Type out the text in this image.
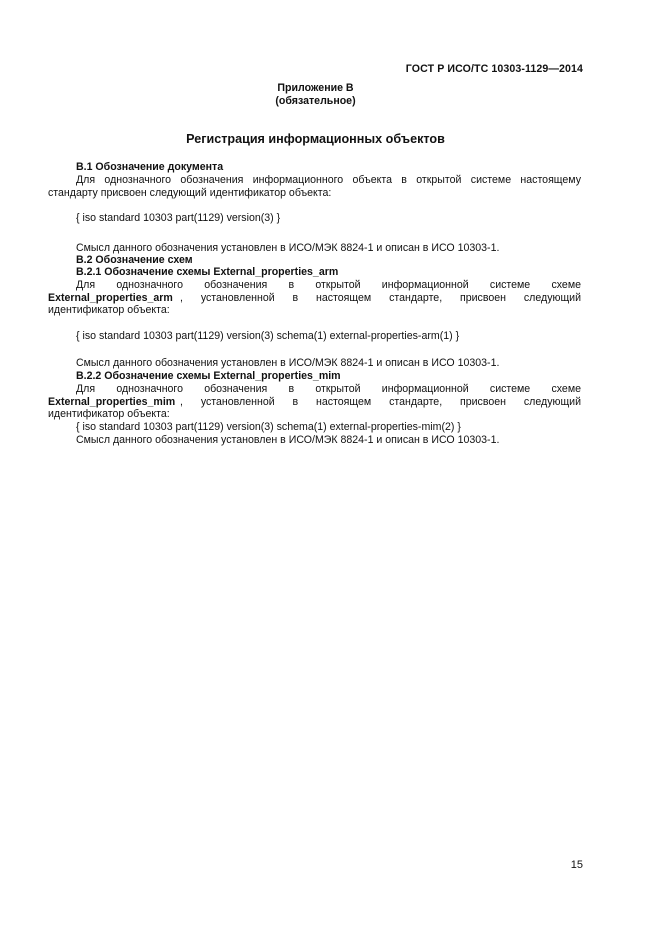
ГОСТ Р ИСО/ТС 10303-1129—2014
Приложение В
(обязательное)
Регистрация информационных объектов
В.1 Обозначение документа
Для однозначного обозначения информационного объекта в открытой системе настоящему
стандарту присвоен следующий идентификатор объекта:
{ iso standard 10303 part(1129) version(3) }
Смысл данного обозначения установлен в ИСО/МЭК 8824-1 и описан в ИСО 10303-1.
В.2 Обозначение схем
В.2.1 Обозначение схемы External_properties_arm
Для однозначного обозначения в открытой информационной системе схеме
External_properties_arm , установленной в настоящем стандарте, присвоен следующий
идентификатор объекта:
{ iso standard 10303 part(1129) version(3) schema(1) external-properties-arm(1) }
Смысл данного обозначения установлен в ИСО/МЭК 8824-1 и описан в ИСО 10303-1.
В.2.2 Обозначение схемы External_properties_mim
Для однозначного обозначения в открытой информационной системе схеме
External_properties_mim , установленной в настоящем стандарте, присвоен следующий
идентификатор объекта:
{ iso standard 10303 part(1129) version(3) schema(1) external-properties-mim(2) }
Смысл данного обозначения установлен в ИСО/МЭК 8824-1 и описан в ИСО 10303-1.
15
